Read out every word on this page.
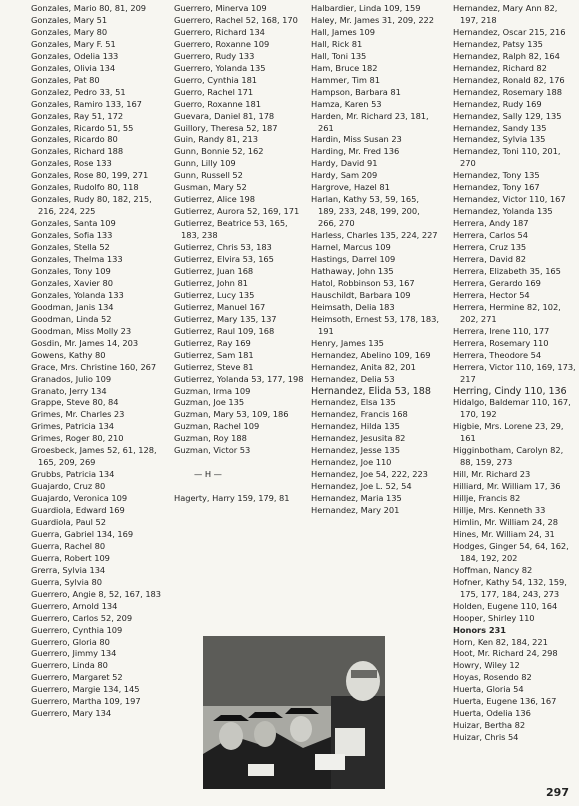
Gonzales, Mario 80, 81, 209
Gonzales, Mary 51
Gonzales, Mary 80
Gonzales, Mary F. 51
Gonzales, Odelia 133
Gonzales, Olivia 134
Gonzales, Pat 80
Gonzalez, Pedro 33, 51
Gonzales, Ramiro 133, 167
Gonzales, Ray 51, 172
Gonzales, Ricardo 51, 55
Gonzales, Ricardo 80
Gonzales, Richard 188
Gonzales, Rose 133
Gonzales, Rose 80, 199, 271
Gonzales, Rudolfo 80, 118
Gonzales, Rudy 80, 182, 215, 216, 224, 225
Gonzales, Santa 109
Gonzales, Sofia 133
Gonzales, Stella 52
Gonzales, Thelma 133
Gonzales, Tony 109
Gonzales, Xavier 80
Gonzales, Yolanda 133
Goodman, Janis 134
Goodman, Linda 52
Goodman, Miss Molly 23
Gosdin, Mr. James 14, 203
Gowens, Kathy 80
Grace, Mrs. Christine 160, 267
Granados, Julio 109
Granato, Jerry 134
Grappe, Steve 80, 84
Grimes, Mr. Charles 23
Grimes, Patricia 134
Grimes, Roger 80, 210
Groesbeck, James 52, 61, 128, 165, 209, 269
Grubbs, Patricia 134
Guajardo, Cruz 80
Guajardo, Veronica 109
Guardiola, Edward 169
Guardiola, Paul 52
Guerra, Gabriel 134, 169
Guerra, Rachel 80
Guerra, Robert 109
Grerra, Sylvia 134
Guerra, Sylvia 80
Guerrero, Angie 8, 52, 167, 183
Guerrero, Arnold 134
Guerrero, Carlos 52, 209
Guerrero, Cynthia 109
Guerrero, Gloria 80
Guerrero, Jimmy 134
Guerrero, Linda 80
Guerrero, Margaret 52
Guerrero, Margie 134, 145
Guerrero, Martha 109, 197
Guerrero, Mary 134
Guerrero, Minerva 109
Guerrero, Rachel 52, 168, 170
Guerrero, Richard 134
Guerrero, Roxanne 109
Guerrero, Rudy 133
Guerrero, Yolanda 135
Guerro, Cynthia 181
Guerro, Rachel 171
Guerro, Roxanne 181
Guevara, Daniel 81, 178
Guillory, Theresa 52, 187
Guin, Randy 81, 213
Gunn, Bonnie 52, 162
Gunn, Lilly 109
Gunn, Russell 52
Gusman, Mary 52
Gutierrez, Alice 198
Gutierrez, Aurora 52, 169, 171
Gutierrez, Beatrice 53, 165, 183, 238
Gutierrez, Chris 53, 183
Gutierrez, Elvira 53, 165
Gutierrez, Juan 168
Gutierrez, John 81
Gutierrez, Lucy 135
Gutierrez, Manuel 167
Gutierrez, Mary 135, 137
Gutierrez, Raul 109, 168
Gutierrez, Ray 169
Gutierrez, Sam 181
Gutierrez, Steve 81
Gutierrez, Yolanda 53, 177, 198
Guzman, Irma 109
Guzman, Joe 135
Guzman, Mary 53, 109, 186
Guzman, Rachel 109
Guzman, Roy 188
Guzman, Victor 53
— H —
Hagerty, Harry 159, 179, 81
Halbardier, Linda 109, 159
Haley, Mr. James 31, 209, 222
Hall, James 109
Hall, Rick 81
Hall, Toni 135
Ham, Bruce 182
Hammer, Tim 81
Hampson, Barbara 81
Hamza, Karen 53
Harden, Mr. Richard 23, 181, 261
Hardin, Miss Susan 23
Harding, Mr. Fred 136
Hardy, David 91
Hardy, Sam 209
Hargrove, Hazel 81
Harlan, Kathy 53, 59, 165, 189, 233, 248, 199, 200, 266, 270
Harless, Charles 135, 224, 227
Harnel, Marcus 109
Hastings, Darrel 109
Hathaway, John 135
Hatol, Robbinson 53, 167
Hauschildt, Barbara 109
Heimsath, Delia 183
Heimsoth, Ernest 53, 178, 183, 191
Henry, James 135
Hernandez, Abelino 109, 169
Hernandez, Anita 82, 201
Hernandez, Delia 53
Hernandez, Elida 53, 188
Hernandez, Elsa 135
Hernandez, Francis 168
Hernandez, Hilda 135
Hernandez, Jesusita 82
Hernandez, Jesse 135
Hernandez, Joe 110
Hernandez, Joe 54, 222, 223
Hernandez, Joe L. 52, 54
Hernandez, Maria 135
Hernandez, Mary 201
Hernandez, Mary Ann 82, 197, 218
Hernandez, Oscar 215, 216
Hernandez, Patsy 135
Hernandez, Ralph 82, 164
Hernandez, Richard 82
Hernandez, Ronald 82, 176
Hernandez, Rosemary 188
Hernandez, Rudy 169
Hernandez, Sally 129, 135
Hernandez, Sandy 135
Hernandez, Sylvia 135
Hernandez, Toni 110, 201, 270
Hernandez, Tony 135
Hernandez, Tony 167
Hernandez, Victor 110, 167
Hernandez, Yolanda 135
Herrera, Andy 187
Herrera, Carlos 54
Herrera, Cruz 135
Herrera, David 82
Herrera, Elizabeth 35, 165
Herrera, Gerardo 169
Herrera, Hector 54
Herrera, Hermine 82, 102, 202, 271
Herrera, Irene 110, 177
Herrera, Rosemary 110
Herrera, Theodore 54
Herrera, Victor 110, 169, 173, 217
Herring, Cindy 110, 136
Hidalgo, Baldemar 110, 167, 170, 192
Higbie, Mrs. Lorene 23, 29, 161
Higginbotham, Carolyn 82, 88, 159, 273
Hill, Mr. Richard 23
Hilliard, Mr. William 17, 36
Hillje, Francis 82
Hillje, Mrs. Kenneth 33
Himlin, Mr. William 24, 28
Hines, Mr. William 24, 31
Hodges, Ginger 54, 64, 162, 184, 192, 202
Hoffman, Nancy 82
Hofner, Kathy 54, 132, 159, 175, 177, 184, 243, 273
Holden, Eugene 110, 164
Hooper, Shirley 110
Honors 231
Horn, Ken 82, 184, 221
Hoot, Mr. Richard 24, 298
Howry, Wiley 12
Hoyas, Rosendo 82
Huerta, Gloria 54
Huerta, Eugene 136, 167
Huerta, Odelia 136
Huizar, Bertha 82
Huizar, Chris 54
297
